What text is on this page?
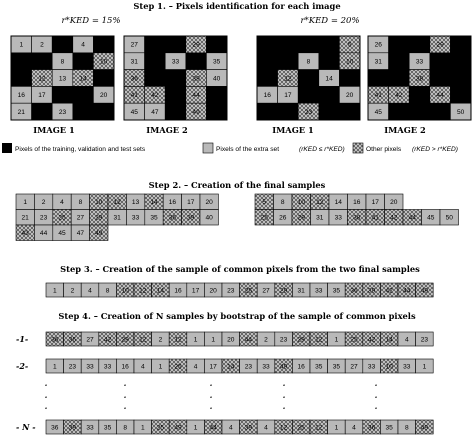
Step 1. – Pixels identification for each image
r*KED = 15%	r*KED = 20%
1	2	4
8	10
12 13 14
16 17	20
21	23
27	29
31	33	35
36	39 40
41 42	44
45 47	49
5
8	10
12	14
16 17	20
23
26	29
31	33
38
41 42	44
45	50
IMAGE 1	IMAGE 2	IMAGE 1	IMAGE 2
Pixels of the training, validation and test sets	Pixels of the extra set	(rKED ≤ r*KED)	Other pixels (rKED > r*KED)
Step 2. – Creation of the final samples
1 2 4 8 10 12 13 14 16 17 20
21 23 25 27 29 31 33 35 36 39 40
43 44 45 47 49
5 8 10 12 14 16 17 20
25 26 29 31 33 38 41 42 44 45 50
Step 3. – Creation of the sample of common pixels from the two final samples
1 2 4 8 10 12 14 16 17 20 23 25 27 29 31 33 35 36 39 42 44 49
Step 4. – Creation of N samples by bootstrap of the sample of common pixels
-1-	36 36 27 42 29 12 2 12 1 1 20 44 2 23 29 12 1 25 42 14 4 23
-2-	1 23 33 33 16 4 1 25 4 17 14 23 33 49 16 35 35 27 33 10 33 1
- N - 36 39 33 35 8 1 25 49 1 44 4 39 4 12 25 12 1 4 36 35 8 49
·	·	·	·	·
·	·	·	·	·
·	·	·	·	·
